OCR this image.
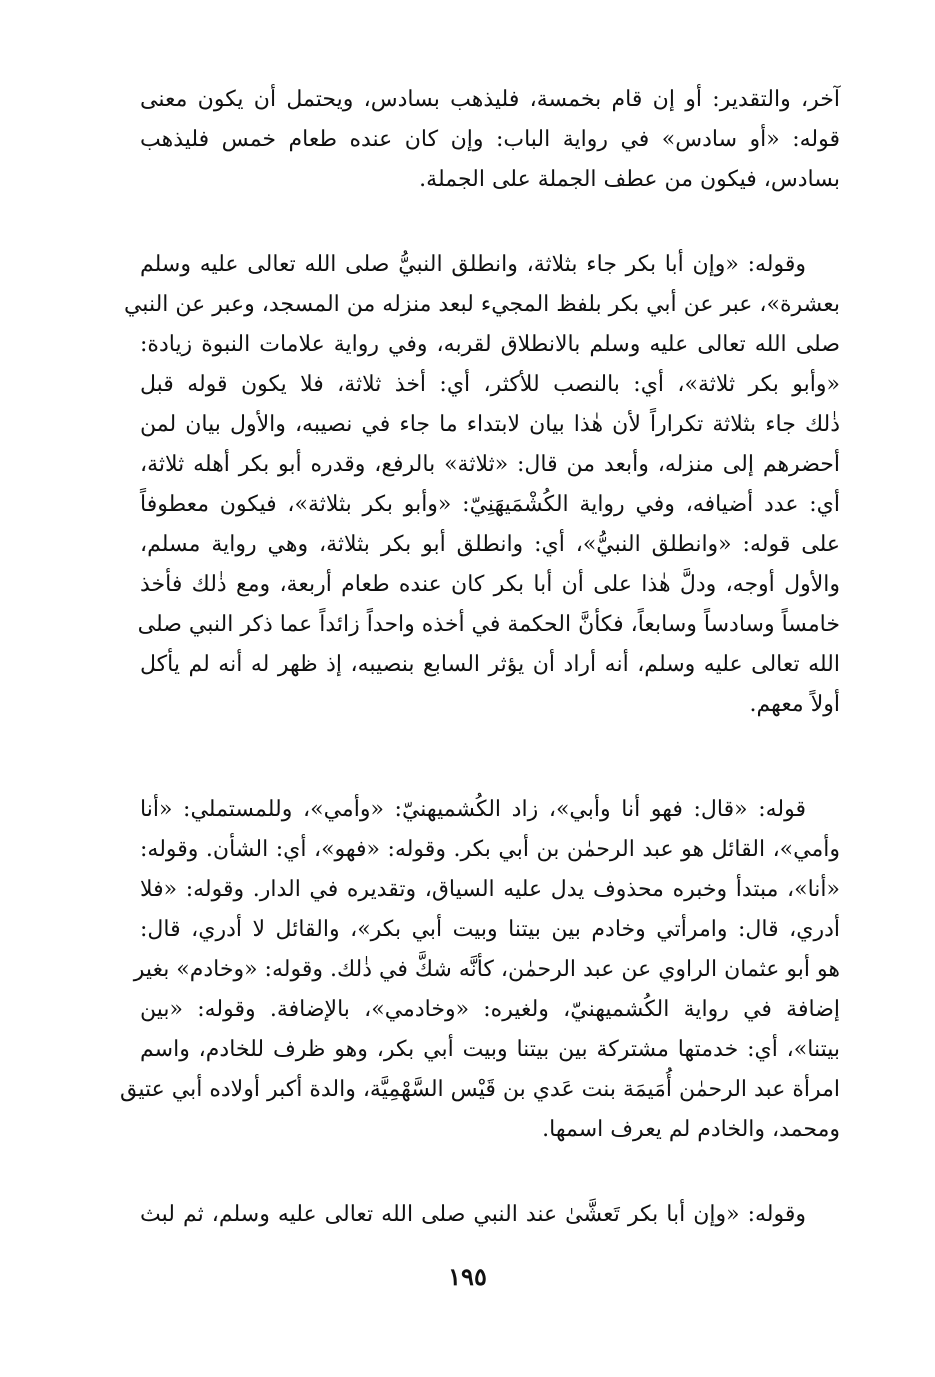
آخر، والتقدير: أو إن قام بخمسة، فليذهب بسادس، ويحتمل أن يكون معنى
قوله: «أو سادس» في رواية الباب: وإن كان عنده طعام خمس فليذهب
بسادس، فيكون من عطف الجملة على الجملة.
وقوله: «وإن أبا بكر جاء بثلاثة، وانطلق النبيُّ صلى الله تعالى عليه وسلم
بعشرة»، عبر عن أبي بكر بلفظ المجيء لبعد منزله من المسجد، وعبر عن النبي
صلى الله تعالى عليه وسلم بالانطلاق لقربه، وفي رواية علامات النبوة زيادة:
«وأبو بكر ثلاثة»، أي: بالنصب للأكثر، أي: أخذ ثلاثة، فلا يكون قوله قبل
ذٰلك جاء بثلاثة تكراراً لأن هٰذا بيان لابتداء ما جاء في نصيبه، والأول بيان لمن
أحضرهم إلى منزله، وأبعد من قال: «ثلاثة» بالرفع، وقدره أبو بكر أهله ثلاثة،
أي: عدد أضيافه، وفي رواية الكُشْمَيهَنِيّ: «وأبو بكر بثلاثة»، فيكون معطوفاً
على قوله: «وانطلق النبيُّ»، أي: وانطلق أبو بكر بثلاثة، وهي رواية مسلم،
والأول أوجه، ودلَّ هٰذا على أن أبا بكر كان عنده طعام أربعة، ومع ذٰلك فأخذ
خامساً وسادساً وسابعاً، فكأنَّ الحكمة في أخذه واحداً زائداً عما ذكر النبي صلى
الله تعالى عليه وسلم، أنه أراد أن يؤثر السابع بنصيبه، إذ ظهر له أنه لم يأكل
أولاً معهم.
قوله: «قال: فهو أنا وأبي»، زاد الكُشميهنيّ: «وأمي»، وللمستملي: «أنا
وأمي»، القائل هو عبد الرحمٰن بن أبي بكر. وقوله: «فهو»، أي: الشأن. وقوله:
«أنا»، مبتدأ وخبره محذوف يدل عليه السياق، وتقديره في الدار. وقوله: «فلا
أدري، قال: وامرأتي وخادم بين بيتنا وبيت أبي بكر»، والقائل لا أدري، قال:
هو أبو عثمان الراوي عن عبد الرحمٰن، كأنَّه شكَّ في ذٰلك. وقوله: «وخادم» بغير
إضافة في رواية الكُشميهنيّ، ولغيره: «وخادمي»، بالإضافة. وقوله: «بين
بيتنا»، أي: خدمتها مشتركة بين بيتنا وبيت أبي بكر، وهو ظرف للخادم، واسم
امرأة عبد الرحمٰن أُمَيمَة بنت عَدي بن قَيْس السَّهْمِيَّة، والدة أكبر أولاده أبي عتيق
ومحمد، والخادم لم يعرف اسمها.
وقوله: «وإن أبا بكر تَعشَّىٰ عند النبي صلى الله تعالى عليه وسلم، ثم لبث
١٩٥
